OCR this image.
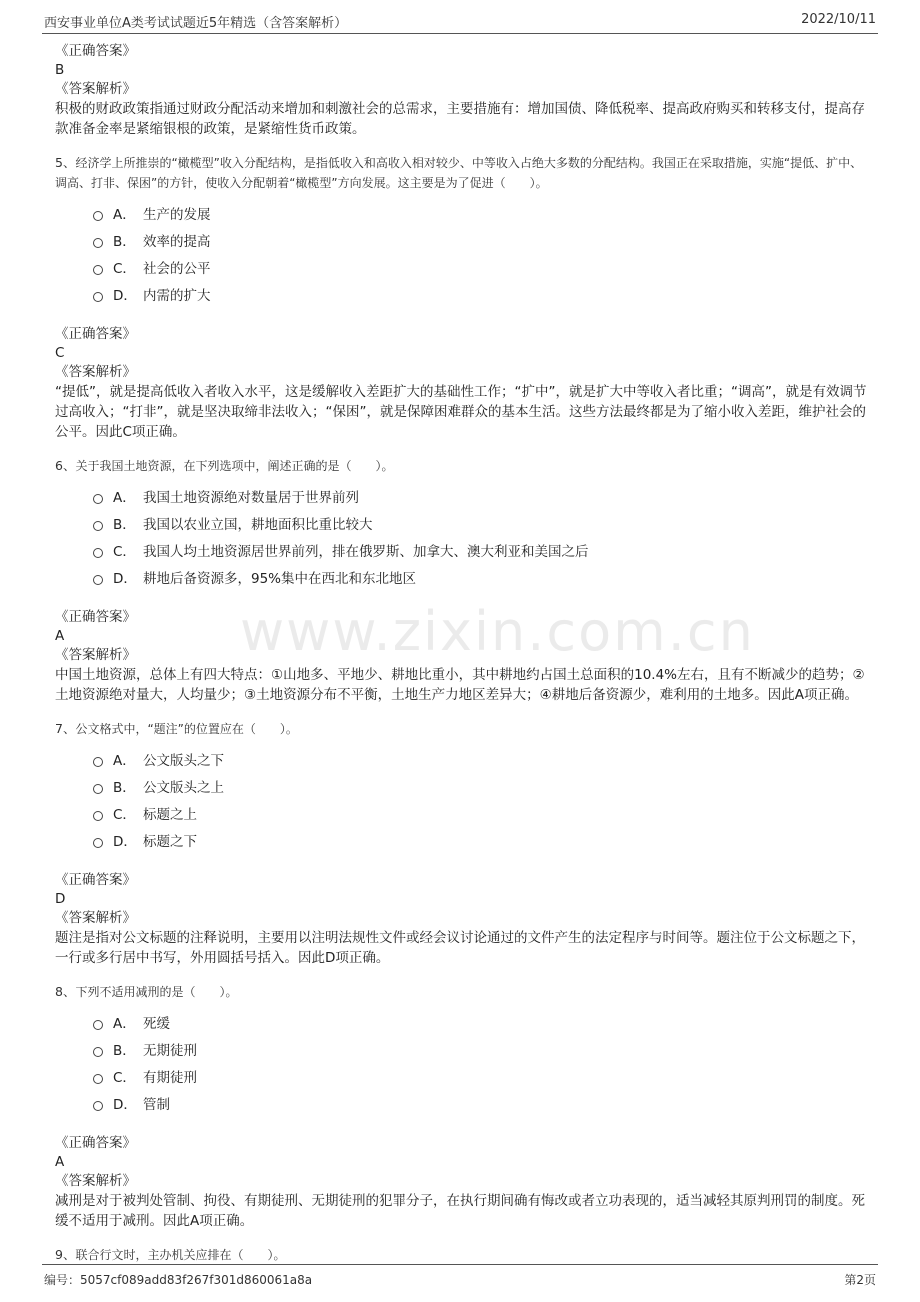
西安事业单位A类考试试题近5年精选（含答案解析）	2022/10/11
www.zixin.com.cn
《正确答案》
B
《答案解析》
积极的财政政策指通过财政分配活动来增加和刺激社会的总需求，主要措施有：增加国债、降低税率、提高政府购买和转移支付，提高存款准备金率是紧缩银根的政策，是紧缩性货币政策。
5、经济学上所推崇的“橄榄型”收入分配结构，是指低收入和高收入相对较少、中等收入占绝大多数的分配结构。我国正在采取措施，实施“提低、扩中、调高、打非、保困”的方针，使收入分配朝着“橄榄型”方向发展。这主要是为了促进（　　）。
A． 生产的发展
B． 效率的提高
C． 社会的公平
D． 内需的扩大
《正确答案》
C
《答案解析》
“提低”，就是提高低收入者收入水平，这是缓解收入差距扩大的基础性工作；“扩中”，就是扩大中等收入者比重；“调高”，就是有效调节过高收入；“打非”，就是坚决取缔非法收入；“保困”，就是保障困难群众的基本生活。这些方法最终都是为了缩小收入差距，维护社会的公平。因此C项正确。
6、关于我国土地资源，在下列选项中，阐述正确的是（　　）。
A． 我国土地资源绝对数量居于世界前列
B． 我国以农业立国，耕地面积比重比较大
C． 我国人均土地资源居世界前列，排在俄罗斯、加拿大、澳大利亚和美国之后
D． 耕地后备资源多，95%集中在西北和东北地区
《正确答案》
A
《答案解析》
中国土地资源，总体上有四大特点：①山地多、平地少、耕地比重小，其中耕地约占国土总面积的10.4%左右，且有不断减少的趋势；②土地资源绝对量大，人均量少；③土地资源分布不平衡，土地生产力地区差异大；④耕地后备资源少，难利用的土地多。因此A项正确。
7、公文格式中，“题注”的位置应在（　　）。
A． 公文版头之下
B． 公文版头之上
C． 标题之上
D． 标题之下
《正确答案》
D
《答案解析》
题注是指对公文标题的注释说明，主要用以注明法规性文件或经会议讨论通过的文件产生的法定程序与时间等。题注位于公文标题之下，一行或多行居中书写，外用圆括号括入。因此D项正确。
8、下列不适用减刑的是（　　）。
A． 死缓
B． 无期徒刑
C． 有期徒刑
D． 管制
《正确答案》
A
《答案解析》
减刑是对于被判处管制、拘役、有期徒刑、无期徒刑的犯罪分子，在执行期间确有悔改或者立功表现的，适当减轻其原判刑罚的制度。死缓不适用于减刑。因此A项正确。
9、联合行文时，主办机关应排在（　　）。
编号：5057cf089add83f267f301d860061a8a	第2页
